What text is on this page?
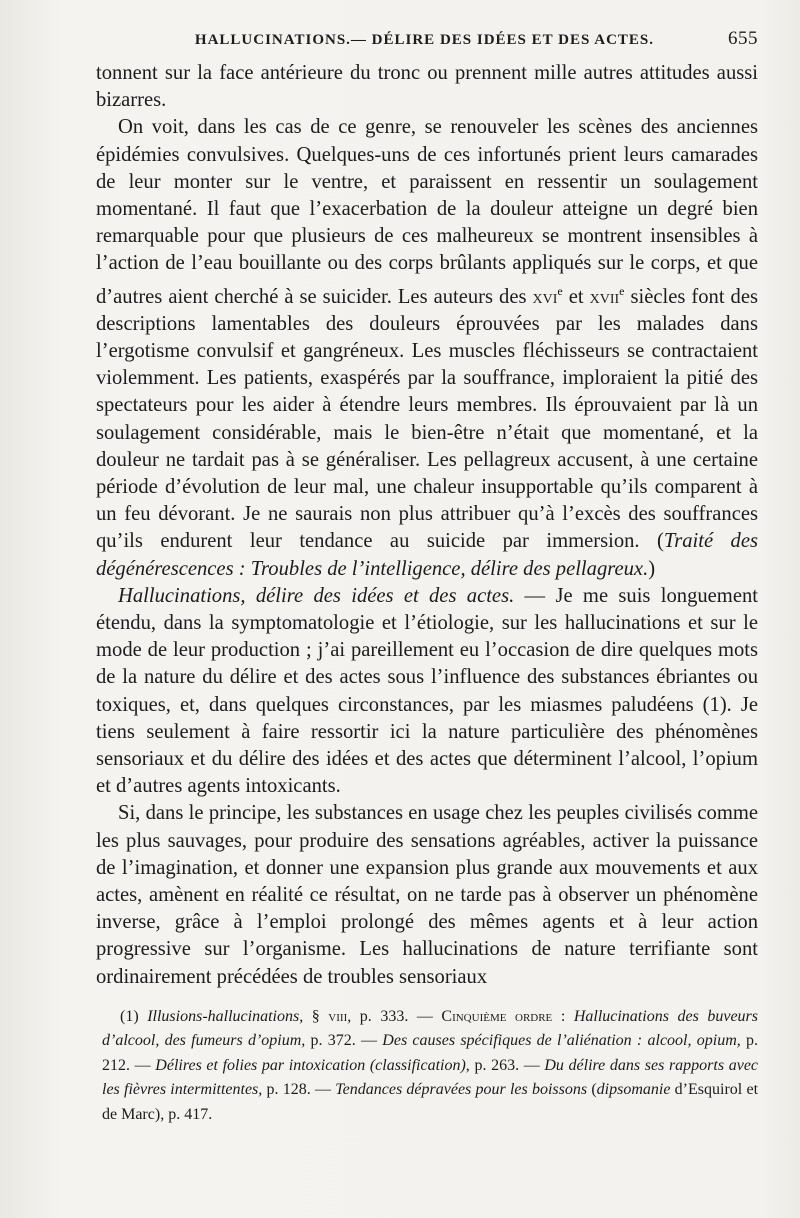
HALLUCINATIONS.— DÉLIRE DES IDÉES ET DES ACTES.	655

tonnent sur la face antérieure du tronc ou prennent mille autres attitudes aussi bizarres.

On voit, dans les cas de ce genre, se renouveler les scènes des anciennes épidémies convulsives. Quelques-uns de ces infortunés prient leurs camarades de leur monter sur le ventre, et paraissent en ressentir un soulagement momentané. Il faut que l’exacerbation de la douleur atteigne un degré bien remarquable pour que plusieurs de ces malheureux se montrent insensibles à l’action de l’eau bouillante ou des corps brûlants appliqués sur le corps, et que d’autres aient cherché à se suicider. Les auteurs des xvi$^e$ et xvii$^e$ siècles font des descriptions lamentables des douleurs éprouvées par les malades dans l’ergotisme convulsif et gangréneux. Les muscles fléchisseurs se contractaient violemment. Les patients, exaspérés par la souffrance, imploraient la pitié des spectateurs pour les aider à étendre leurs membres. Ils éprouvaient par là un soulagement considérable, mais le bien-être n’était que momentané, et la douleur ne tardait pas à se généraliser. Les pellagreux accusent, à une certaine période d’évolution de leur mal, une chaleur insupportable qu’ils comparent à un feu dévorant. Je ne saurais non plus attribuer qu’à l’excès des souffrances qu’ils endurent leur tendance au suicide par immersion. (Traité des dégénérescences : Troubles de l’intelligence, délire des pellagreux.)

Hallucinations, délire des idées et des actes. — Je me suis longuement étendu, dans la symptomatologie et l’étiologie, sur les hallucinations et sur le mode de leur production ; j’ai pareillement eu l’occasion de dire quelques mots de la nature du délire et des actes sous l’influence des substances ébriantes ou toxiques, et, dans quelques circonstances, par les miasmes paludéens (1). Je tiens seulement à faire ressortir ici la nature particulière des phénomènes sensoriaux et du délire des idées et des actes que déterminent l’alcool, l’opium et d’autres agents intoxicants.

Si, dans le principe, les substances en usage chez les peuples civilisés comme les plus sauvages, pour produire des sensations agréables, activer la puissance de l’imagination, et donner une expansion plus grande aux mouvements et aux actes, amènent en réalité ce résultat, on ne tarde pas à observer un phénomène inverse, grâce à l’emploi prolongé des mêmes agents et à leur action progressive sur l’organisme. Les hallucinations de nature terrifiante sont ordinairement précédées de troubles sensoriaux

(1) Illusions-hallucinations, § viii, p. 333. — Cinquième ordre : Hallucinations des buveurs d’alcool, des fumeurs d’opium, p. 372. — Des causes spécifiques de l’aliénation : alcool, opium, p. 212. — Délires et folies par intoxication (classification), p. 263. — Du délire dans ses rapports avec les fièvres intermittentes, p. 128. — Tendances dépravées pour les boissons (dipsomanie d’Esquirol et de Marc), p. 417.
